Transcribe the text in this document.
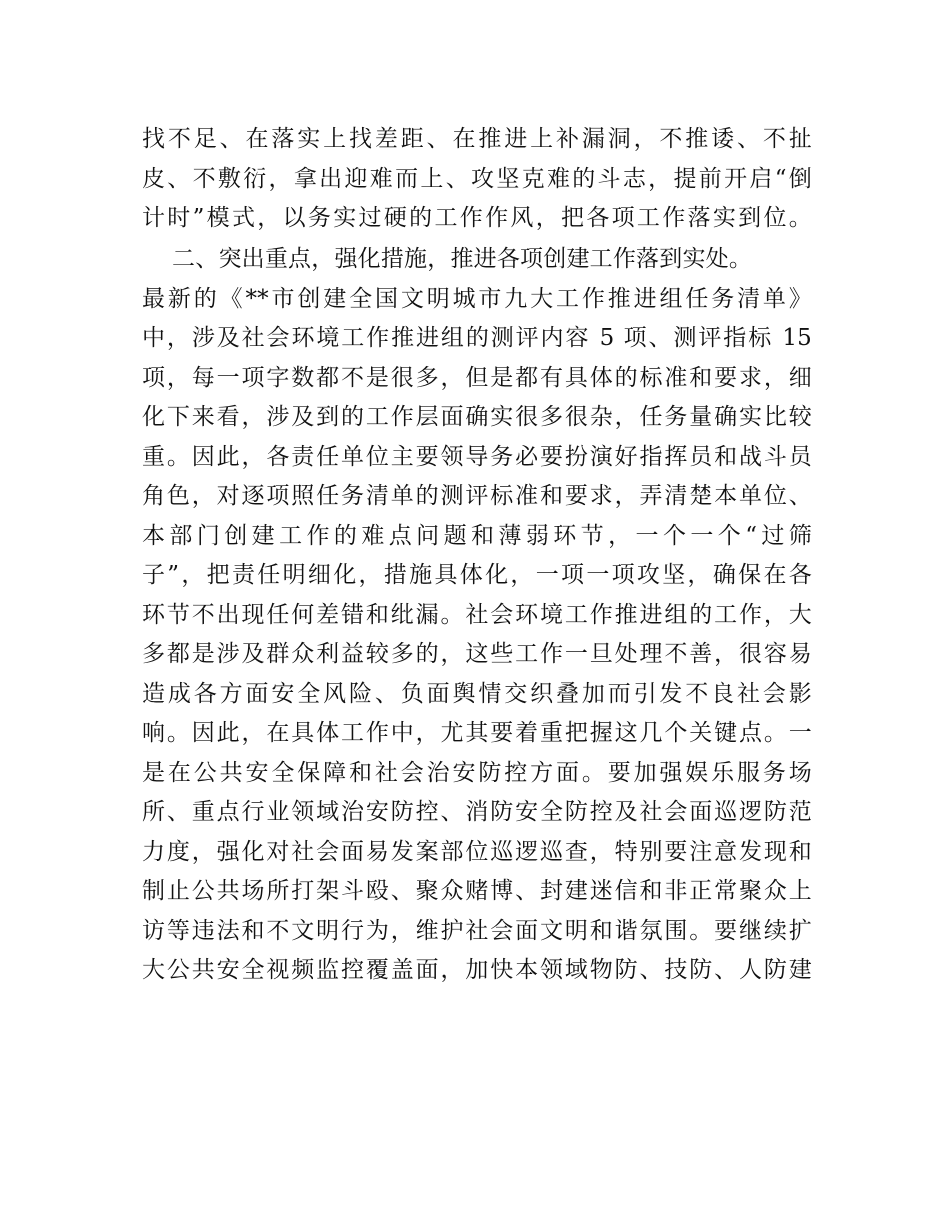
找不足、在落实上找差距、在推进上补漏洞，不推诿、不扯
皮、不敷衍，拿出迎难而上、攻坚克难的斗志，提前开启“倒
计时”模式，以务实过硬的工作作风，把各项工作落实到位。
二、突出重点，强化措施，推进各项创建工作落到实处。
最新的《**市创建全国文明城市九大工作推进组任务清单》
中，涉及社会环境工作推进组的测评内容 5 项、测评指标 15
项，每一项字数都不是很多，但是都有具体的标准和要求，细
化下来看，涉及到的工作层面确实很多很杂，任务量确实比较
重。因此，各责任单位主要领导务必要扮演好指挥员和战斗员
角色，对逐项照任务清单的测评标准和要求，弄清楚本单位、
本部门创建工作的难点问题和薄弱环节，一个一个“过筛
子”，把责任明细化，措施具体化，一项一项攻坚，确保在各
环节不出现任何差错和纰漏。社会环境工作推进组的工作，大
多都是涉及群众利益较多的，这些工作一旦处理不善，很容易
造成各方面安全风险、负面舆情交织叠加而引发不良社会影
响。因此，在具体工作中，尤其要着重把握这几个关键点。一
是在公共安全保障和社会治安防控方面。要加强娱乐服务场
所、重点行业领域治安防控、消防安全防控及社会面巡逻防范
力度，强化对社会面易发案部位巡逻巡查，特别要注意发现和
制止公共场所打架斗殴、聚众赌博、封建迷信和非正常聚众上
访等违法和不文明行为，维护社会面文明和谐氛围。要继续扩
大公共安全视频监控覆盖面，加快本领域物防、技防、人防建
